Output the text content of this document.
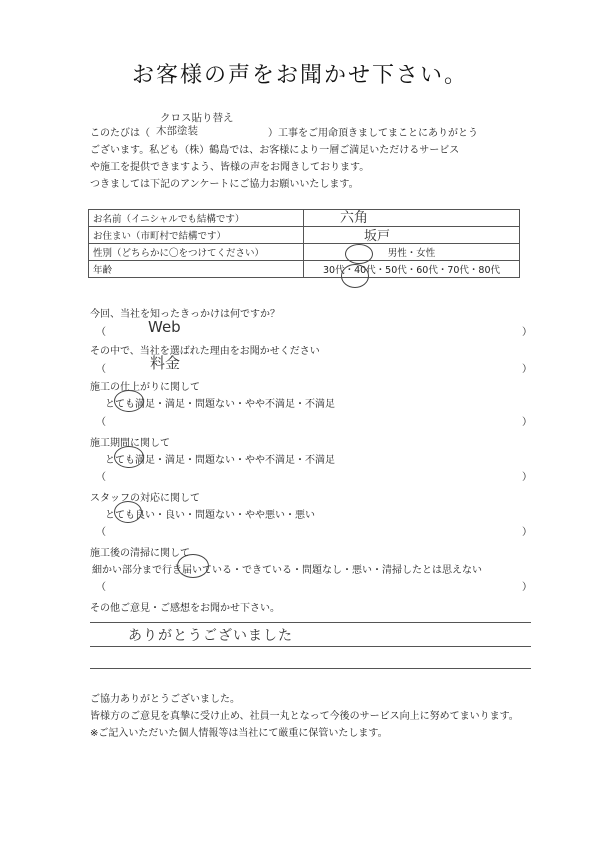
お客様の声をお聞かせ下さい。
このたびは（
クロス貼り替え
木部塗装	）工事をご用命頂きましてまことにありがとう
ございます。私ども（株）鶴島では、お客様により一層ご満足いただけるサービス
や施工を提供できますよう、皆様の声をお聞きしております。
つきましては下記のアンケートにご協力お願いいたします。
お名前（イニシャルでも結構です）	六角

お住まい（市町村で結構です）	坂戸

性別（どちらかに〇をつけてください）	男性・女性
年齢	30代・40代・50代・60代・70代・80代
今回、当社を知ったきっかけは何ですか？
（	Web	）
その中で、当社を選ばれた理由をお聞かせください
（	料金	）
施工の仕上がりに関して
とても満足・満足・問題ない・やや不満足・不満足
（	）
施工期間に関して
とても満足・満足・問題ない・やや不満足・不満足
（	）
スタッフの対応に関して
とても良い・良い・問題ない・やや悪い・悪い
（	）
施工後の清掃に関して
細かい部分まで行き届いている・できている・問題なし・悪い・清掃したとは思えない
（	）
その他ご意見・ご感想をお聞かせ下さい。
ありがとうございました
ご協力ありがとうございました。
皆様方のご意見を真摯に受け止め、社員一丸となって今後のサービス向上に努めてまいります。
※ご記入いただいた個人情報等は当社にて厳重に保管いたします。
